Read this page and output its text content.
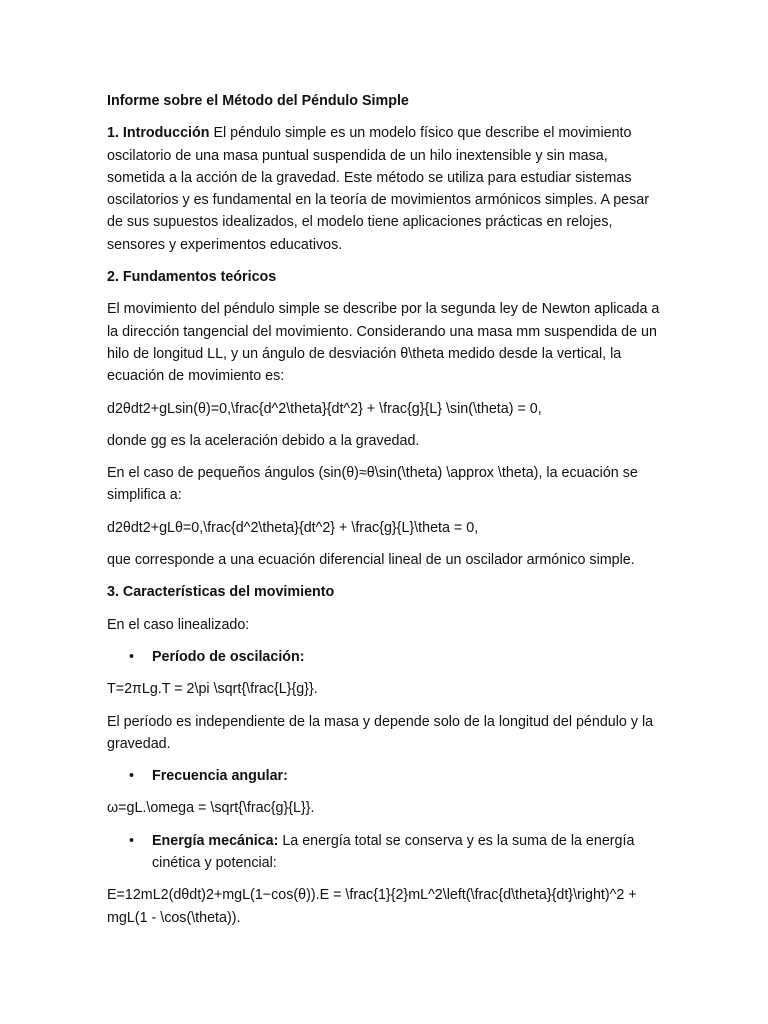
Informe sobre el Método del Péndulo Simple

1. Introducción El péndulo simple es un modelo físico que describe el movimiento oscilatorio de una masa puntual suspendida de un hilo inextensible y sin masa, sometida a la acción de la gravedad. Este método se utiliza para estudiar sistemas oscilatorios y es fundamental en la teoría de movimientos armónicos simples. A pesar de sus supuestos idealizados, el modelo tiene aplicaciones prácticas en relojes, sensores y experimentos educativos.

2. Fundamentos teóricos

El movimiento del péndulo simple se describe por la segunda ley de Newton aplicada a la dirección tangencial del movimiento. Considerando una masa mm suspendida de un hilo de longitud LL, y un ángulo de desviación θ\theta medido desde la vertical, la ecuación de movimiento es:

d2θdt2+gLsin(θ)=0,\frac{d^2\theta}{dt^2} + \frac{g}{L} \sin(\theta) = 0,

donde gg es la aceleración debido a la gravedad.

En el caso de pequeños ángulos (sin(θ)≈θ\sin(\theta) \approx \theta), la ecuación se simplifica a:

d2θdt2+gLθ=0,\frac{d^2\theta}{dt^2} + \frac{g}{L}\theta = 0,

que corresponde a una ecuación diferencial lineal de un oscilador armónico simple.

3. Características del movimiento

En el caso linealizado:

• Período de oscilación:

T=2πLg.T = 2\pi \sqrt{\frac{L}{g}}.

El período es independiente de la masa y depende solo de la longitud del péndulo y la gravedad.

• Frecuencia angular:

ω=gL.\omega = \sqrt{\frac{g}{L}}.

• Energía mecánica: La energía total se conserva y es la suma de la energía cinética y potencial:

E=12mL2(dθdt)2+mgL(1−cos(θ)).E = \frac{1}{2}mL^2\left(\frac{d\theta}{dt}\right)^2 + mgL(1 - \cos(\theta)).
